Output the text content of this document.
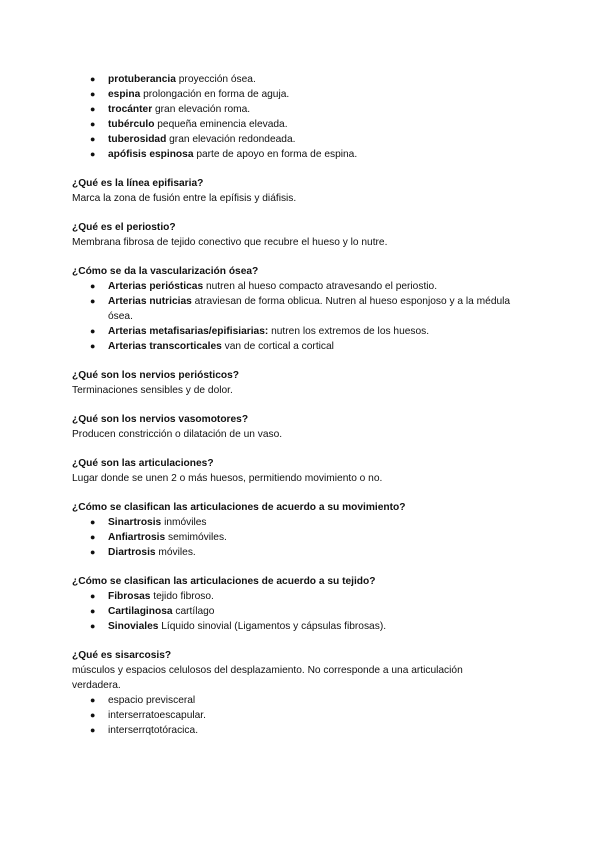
● protuberancia proyección ósea.
● espina prolongación en forma de aguja.
● trocánter gran elevación roma.
● tubérculo pequeña eminencia elevada.
● tuberosidad gran elevación redondeada.
● apófisis espinosa parte de apoyo en forma de espina.
¿Qué es la línea epifisaria?
Marca la zona de fusión entre la epífisis y diáfisis.
¿Qué es el periostio?
Membrana fibrosa de tejido conectivo que recubre el hueso y lo nutre.
¿Cómo se da la vascularización ósea?
● Arterias periósticas nutren al hueso compacto atravesando el periostio.
● Arterias nutricias atraviesan de forma oblicua. Nutren al hueso esponjoso y a la médula ósea.
● Arterias metafisarias/epifisiarias: nutren los extremos de los huesos.
● Arterias transcorticales van de cortical a cortical
¿Qué son los nervios periósticos?
Terminaciones sensibles y de dolor.
¿Qué son los nervios vasomotores?
Producen constricción o dilatación de un vaso.
¿Qué son las articulaciones?
Lugar donde se unen 2 o más huesos, permitiendo movimiento o no.
¿Cómo se clasifican las articulaciones de acuerdo a su movimiento?
● Sinartrosis inmóviles
● Anfiartrosis semimóviles.
● Diartrosis móviles.
¿Cómo se clasifican las articulaciones de acuerdo a su tejido?
● Fibrosas tejido fibroso.
● Cartilaginosa cartílago
● Sinoviales Líquido sinovial (Ligamentos y cápsulas fibrosas).
¿Qué es sisarcosis?
músculos y espacios celulosos del desplazamiento. No corresponde a una articulación verdadera.
● espacio previsceral
● interserratoescapular.
● interserrqtotóracica.
